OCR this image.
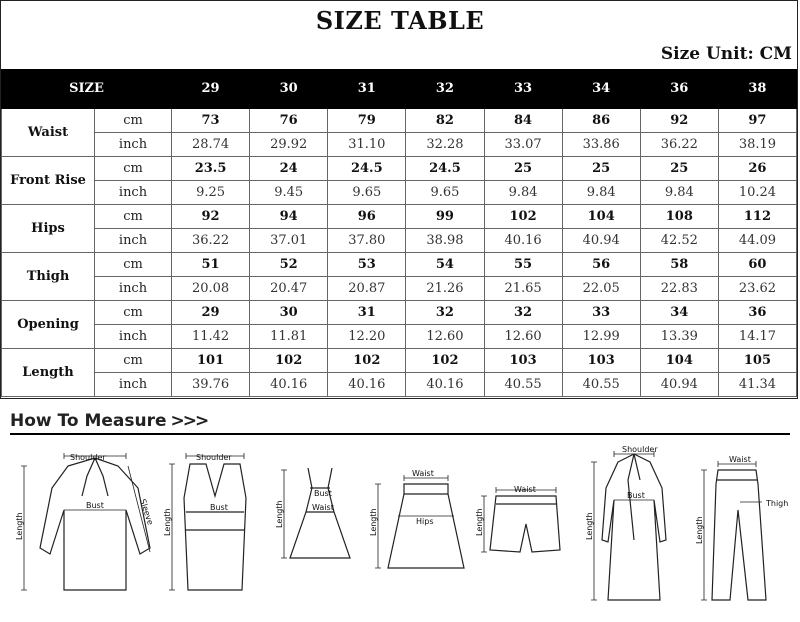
SIZE TABLE
Size Unit: CM
SIZE		29	30	31	32	33	34	36	38
Waist	cm	73	76	79	82	84	86	92	97
	inch	28.74	29.92	31.10	32.28	33.07	33.86	36.22	38.19
Front Rise	cm	23.5	24	24.5	24.5	25	25	25	26
	inch	9.25	9.45	9.65	9.65	9.84	9.84	9.84	10.24
Hips	cm	92	94	96	99	102	104	108	112
	inch	36.22	37.01	37.80	38.98	40.16	40.94	42.52	44.09
Thigh	cm	51	52	53	54	55	56	58	60
	inch	20.08	20.47	20.87	21.26	21.65	22.05	22.83	23.62
Opening	cm	29	30	31	32	32	33	34	36
	inch	11.42	11.81	12.20	12.60	12.60	12.99	13.39	14.17
Length	cm	101	102	102	102	103	103	104	105
	inch	39.76	40.16	40.16	40.16	40.55	40.55	40.94	41.34
How To Measure >>>
Shoulder
Bust
Length
Sleeve
Shoulder
Bust
Length
Bust
Waist
Length
Waist
Hips
Length
Waist
Length
Shoulder
Bust
Length
Waist
Thigh
Length
